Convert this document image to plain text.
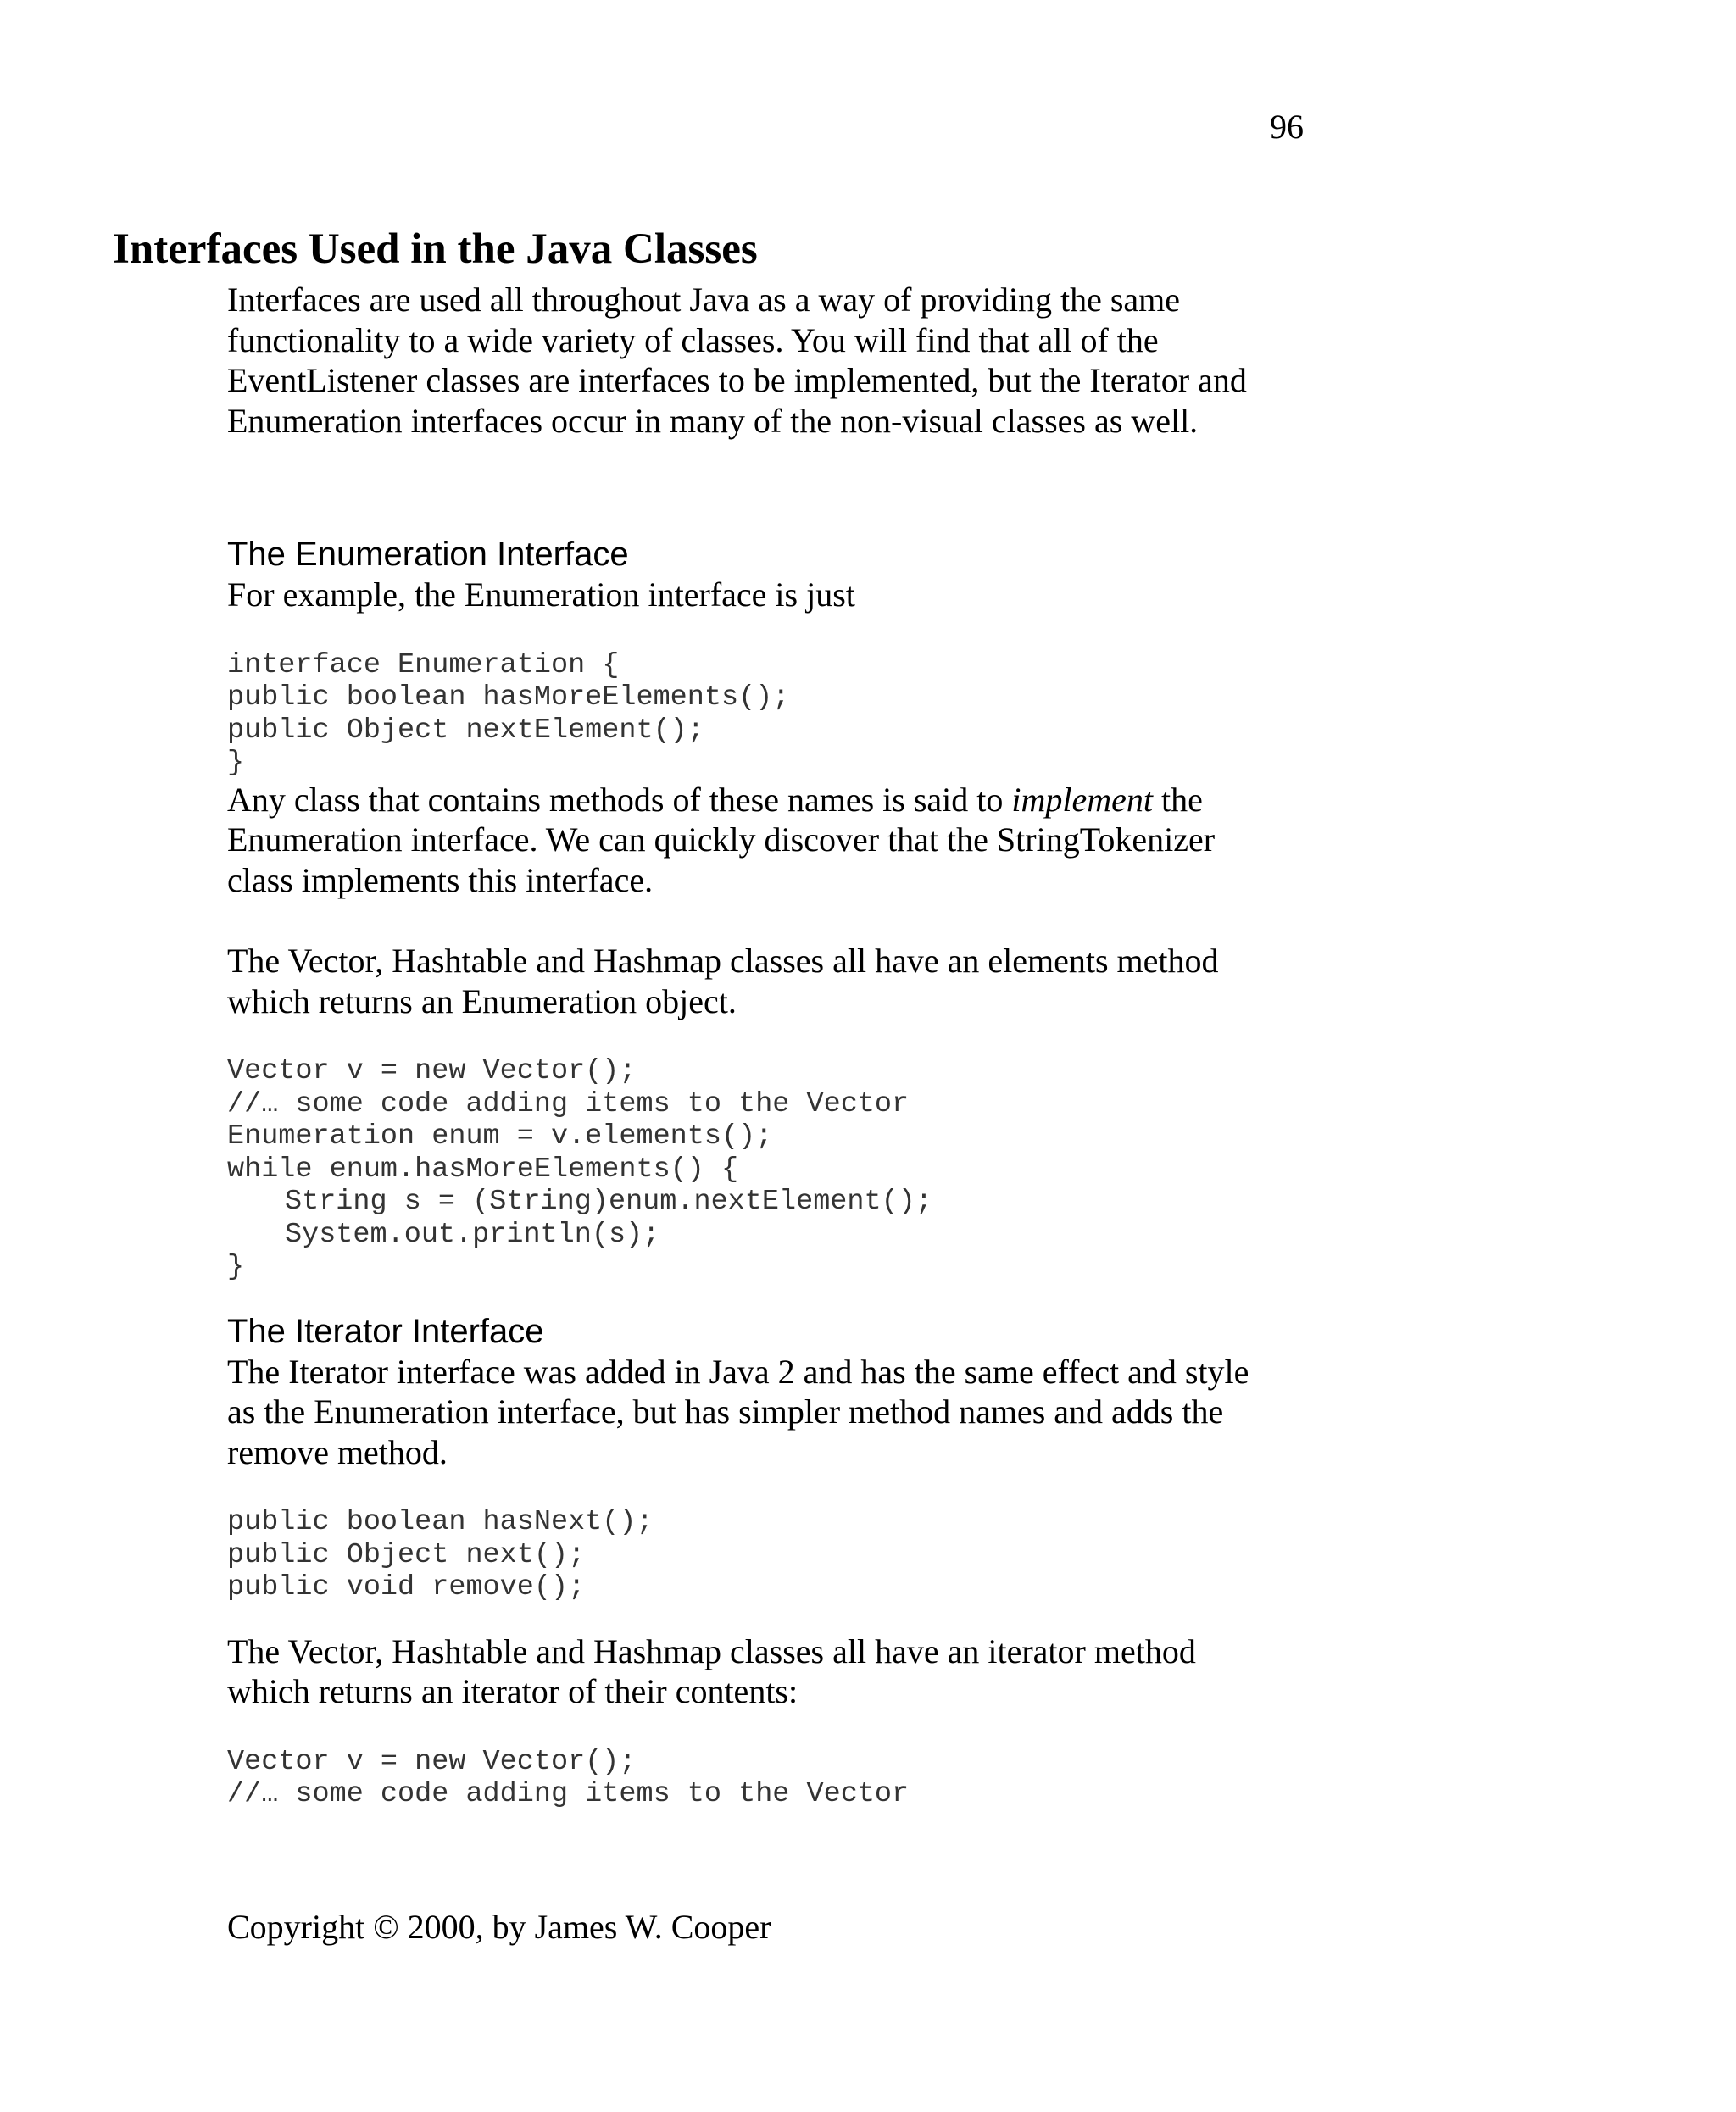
96
Interfaces Used in the Java Classes

Interfaces are used all throughout Java as a way of providing the same
functionality to a wide variety of classes. You will find that all of the
EventListener classes are interfaces to be implemented, but the Iterator and
Enumeration interfaces occur in many of the non-visual classes as well.

The Enumeration Interface

For example, the Enumeration interface is just

interface Enumeration {
public boolean hasMoreElements();
public Object nextElement();
}

Any class that contains methods of these names is said to implement the
Enumeration interface. We can quickly discover that the StringTokenizer
class implements this interface.

The Vector, Hashtable and Hashmap classes all have an elements method
which returns an Enumeration object.

Vector v = new Vector();
//… some code adding items to the Vector
Enumeration enum = v.elements();
while enum.hasMoreElements() {
String s = (String)enum.nextElement();
System.out.println(s);
}
The Iterator Interface

The Iterator interface was added in Java 2 and has the same effect and style
as the Enumeration interface, but has simpler method names and adds the
remove method.

public boolean hasNext();
public Object next();
public void remove();

The Vector, Hashtable and Hashmap classes all have an iterator method
which returns an iterator of their contents:

Vector v = new Vector();
//… some code adding items to the Vector

Copyright © 2000, by James W. Cooper
